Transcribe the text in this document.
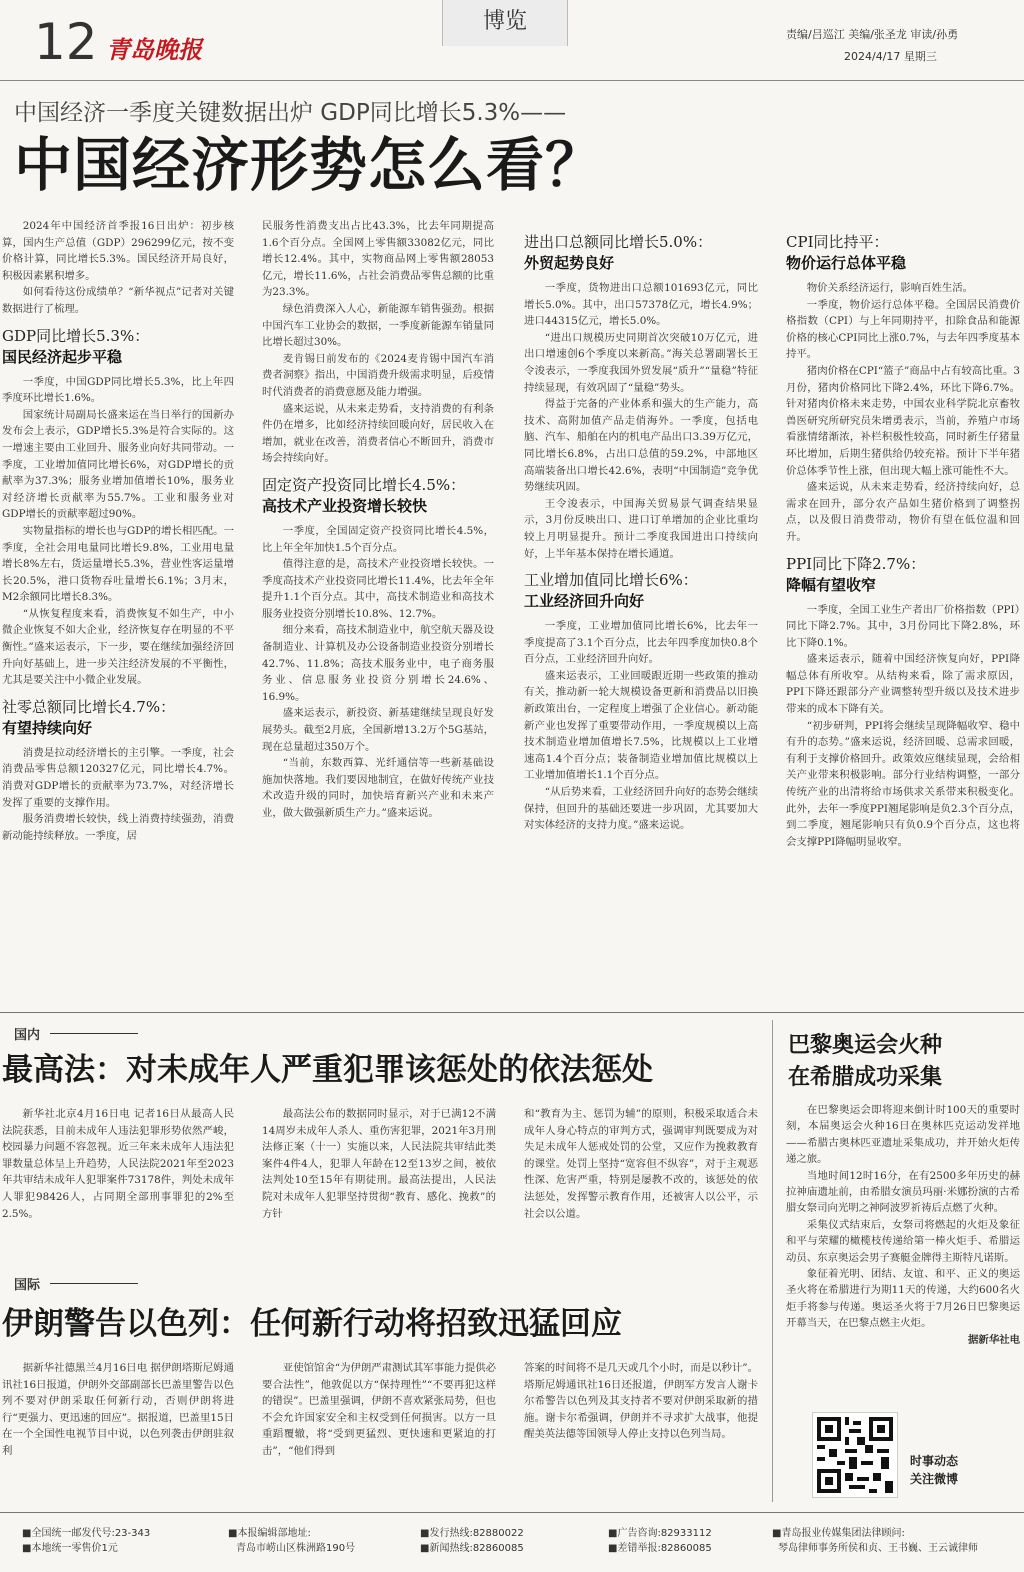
12 青岛晚报
博览
责编/吕巡江 美编/张圣龙 审读/孙勇
2024/4/17 星期三
中国经济一季度关键数据出炉 GDP同比增长5.3%——
中国经济形势怎么看？

2024年中国经济首季报16日出炉：初步核算，国内生产总值（GDP）296299亿元，按不变价格计算，同比增长5.3%。国民经济开局良好，积极因素累积增多。

如何看待这份成绩单？“新华视点”记者对关键数据进行了梳理。

GDP同比增长5.3%：
国民经济起步平稳

一季度，中国GDP同比增长5.3%，比上年四季度环比增长1.6%。

国家统计局副局长盛来运在当日举行的国新办发布会上表示，GDP增长5.3%是符合实际的。这一增速主要由工业回升、服务业向好共同带动。一季度，工业增加值同比增长6%，对GDP增长的贡献率为37.3%；服务业增加值增长10%，服务业对经济增长贡献率为55.7%。工业和服务业对GDP增长的贡献率超过90%。

实物量指标的增长也与GDP的增长相匹配。一季度，全社会用电量同比增长9.8%，工业用电量增长8%左右，货运量增长5.3%，营业性客运量增长20.5%，港口货物吞吐量增长6.1%；3月末，M2余额同比增长8.3%。

“从恢复程度来看，消费恢复不如生产，中小微企业恢复不如大企业，经济恢复存在明显的不平衡性。”盛来运表示，下一步，要在继续加强经济回升向好基础上，进一步关注经济发展的不平衡性，尤其是要关注中小微企业发展。

社零总额同比增长4.7%：
有望持续向好

消费是拉动经济增长的主引擎。一季度，社会消费品零售总额120327亿元，同比增长4.7%。消费对GDP增长的贡献率为73.7%，对经济增长发挥了重要的支撑作用。

服务消费增长较快，线上消费持续强劲，消费新动能持续释放。一季度，居

民服务性消费支出占比43.3%，比去年同期提高1.6个百分点。全国网上零售额33082亿元，同比增长12.4%。其中，实物商品网上零售额28053亿元，增长11.6%，占社会消费品零售总额的比重为23.3%。

绿色消费深入人心，新能源车销售强劲。根据中国汽车工业协会的数据，一季度新能源车销量同比增长超过30%。

麦肯锡日前发布的《2024麦肯锡中国汽车消费者洞察》指出，中国消费升级需求明显，后疫情时代消费者的消费意愿及能力增强。

盛来运说，从未来走势看，支持消费的有利条件仍在增多，比如经济持续回暖向好，居民收入在增加，就业在改善，消费者信心不断回升，消费市场会持续向好。

固定资产投资同比增长4.5%：
高技术产业投资增长较快

一季度，全国固定资产投资同比增长4.5%，比上年全年加快1.5个百分点。

值得注意的是，高技术产业投资增长较快。一季度高技术产业投资同比增长11.4%，比去年全年提升1.1个百分点。其中，高技术制造业和高技术服务业投资分别增长10.8%、12.7%。

细分来看，高技术制造业中，航空航天器及设备制造业、计算机及办公设备制造业投资分别增长42.7%、11.8%；高技术服务业中，电子商务服务业、信息服务业投资分别增长24.6%、16.9%。

盛来运表示，新投资、新基建继续呈现良好发展势头。截至2月底，全国新增13.2万个5G基站，现在总量超过350万个。

“当前，东数西算、光纤通信等一些新基础设施加快落地。我们要因地制宜，在做好传统产业技术改造升级的同时，加快培育新兴产业和未来产业，做大做强新质生产力。”盛来运说。

进出口总额同比增长5.0%：
外贸起势良好

一季度，货物进出口总额101693亿元，同比增长5.0%。其中，出口57378亿元，增长4.9%；进口44315亿元，增长5.0%。

“进出口规模历史同期首次突破10万亿元，进出口增速创6个季度以来新高。”海关总署副署长王令浚表示，一季度我国外贸发展“质升”“量稳”特征持续显现，有效巩固了“量稳”势头。

得益于完备的产业体系和强大的生产能力，高技术、高附加值产品走俏海外。一季度，包括电脑、汽车、船舶在内的机电产品出口3.39万亿元，同比增长6.8%，占出口总值的59.2%，中部地区高端装备出口增长42.6%，表明“中国制造”竞争优势继续巩固。

王令浚表示，中国海关贸易景气调查结果显示，3月份反映出口、进口订单增加的企业比重均较上月明显提升。预计二季度我国进出口持续向好，上半年基本保持在增长通道。

工业增加值同比增长6%：
工业经济回升向好

一季度，工业增加值同比增长6%，比去年一季度提高了3.1个百分点，比去年四季度加快0.8个百分点，工业经济回升向好。

盛来运表示，工业回暖跟近期一些政策的推动有关，推动新一轮大规模设备更新和消费品以旧换新政策出台，一定程度上增强了企业信心。新动能新产业也发挥了重要带动作用，一季度规模以上高技术制造业增加值增长7.5%，比规模以上工业增速高1.4个百分点；装备制造业增加值比规模以上工业增加值增长1.1个百分点。

“从后势来看，工业经济回升向好的态势会继续保持，但回升的基础还要进一步巩固，尤其要加大对实体经济的支持力度。”盛来运说。

CPI同比持平：
物价运行总体平稳

物价关系经济运行，影响百姓生活。

一季度，物价运行总体平稳。全国居民消费价格指数（CPI）与上年同期持平，扣除食品和能源价格的核心CPI同比上涨0.7%，与去年四季度基本持平。

猪肉价格在CPI“篮子”商品中占有较高比重。3月份，猪肉价格同比下降2.4%，环比下降6.7%。针对猪肉价格未来走势，中国农业科学院北京畜牧兽医研究所研究员朱增勇表示，当前，养殖户市场看涨情绪渐浓，补栏积极性较高，同时新生仔猪量环比增加，后期生猪供给仍较充裕。预计下半年猪价总体季节性上涨，但出现大幅上涨可能性不大。

盛来运说，从未来走势看，经济持续向好，总需求在回升，部分农产品如生猪价格到了调整拐点，以及假日消费带动，物价有望在低位温和回升。

PPI同比下降2.7%：
降幅有望收窄

一季度，全国工业生产者出厂价格指数（PPI）同比下降2.7%。其中，3月份同比下降2.8%，环比下降0.1%。

盛来运表示，随着中国经济恢复向好，PPI降幅总体有所收窄。从结构来看，除了需求原因，PPI下降还跟部分产业调整转型升级以及技术进步带来的成本下降有关。

“初步研判，PPI将会继续呈现降幅收窄、稳中有升的态势。”盛来运说，经济回暖、总需求回暖，有利于支撑价格回升。政策效应继续显现，会给相关产业带来积极影响。部分行业结构调整，一部分传统产业的出清将给市场供求关系带来积极变化。此外，去年一季度PPI翘尾影响是负2.3个百分点，到二季度，翘尾影响只有负0.9个百分点，这也将会支撑PPI降幅明显收窄。

国内
最高法：对未成年人严重犯罪该惩处的依法惩处

新华社北京4月16日电 记者16日从最高人民法院获悉，目前未成年人违法犯罪形势依然严峻，校园暴力问题不容忽视。近三年来未成年人违法犯罪数量总体呈上升趋势，人民法院2021年至2023年共审结未成年人犯罪案件73178件，判处未成年人罪犯98426人，占同期全部刑事罪犯的2%至2.5%。

最高法公布的数据同时显示，对于已满12不满14周岁未成年人杀人、重伤害犯罪，2021年3月刑法修正案（十一）实施以来，人民法院共审结此类案件4件4人，犯罪人年龄在12至13岁之间，被依法判处10至15年有期徒刑。最高法提出，人民法院对未成年人犯罪坚持贯彻“教育、感化、挽救”的方针

和“教育为主、惩罚为辅”的原则，积极采取适合未成年人身心特点的审判方式，强调审判既要成为对失足未成年人惩戒处罚的公堂，又应作为挽救教育的课堂。处罚上坚持“宽容但不纵容”，对于主观恶性深、危害严重，特别是屡教不改的，该惩处的依法惩处，发挥警示教育作用，还被害人以公平，示社会以公道。

国际
伊朗警告以色列：任何新行动将招致迅猛回应

据新华社德黑兰4月16日电 据伊朗塔斯尼姆通讯社16日报道，伊朗外交部副部长巴盖里警告以色列不要对伊朗采取任何新行动，否则伊朗将进行“更强力、更迅速的回应”。据报道，巴盖里15日在一个全国性电视节目中说，以色列袭击伊朗驻叙利

亚使馆馆舍“为伊朗严肃测试其军事能力提供必要合法性”，他敦促以方“保持理性”“不要再犯这样的错误”。巴盖里强调，伊朗不喜欢紧张局势，但也不会允许国家安全和主权受到任何损害。以方一旦重蹈覆辙，将“受到更猛烈、更快速和更紧迫的打击”，“他们得到

答案的时间将不是几天或几个小时，而是以秒计”。塔斯尼姆通讯社16日还报道，伊朗军方发言人谢卡尔希警告以色列及其支持者不要对伊朗采取新的措施。谢卡尔希强调，伊朗并不寻求扩大战事，他提醒美英法德等国领导人停止支持以色列当局。

巴黎奥运会火种
在希腊成功采集

在巴黎奥运会即将迎来倒计时100天的重要时刻，本届奥运会火种16日在奥林匹克运动发祥地——希腊古奥林匹亚遗址采集成功，并开始火炬传递之旅。

当地时间12时16分，在有2500多年历史的赫拉神庙遗址前，由希腊女演员玛丽·米娜扮演的古希腊女祭司向光明之神阿波罗祈祷后点燃了火种。

采集仪式结束后，女祭司将燃起的火炬及象征和平与荣耀的橄榄枝传递给第一棒火炬手、希腊运动员、东京奥运会男子赛艇金牌得主斯特凡诺斯。

象征着光明、团结、友谊、和平、正义的奥运圣火将在希腊进行为期11天的传递，大约600名火炬手将参与传递。奥运圣火将于7月26日巴黎奥运开幕当天，在巴黎点燃主火炬。

据新华社电
时事动态
关注微博
■全国统一邮发代号:23-343
■本地统一零售价1元
■本报编辑部地址:
青岛市崂山区株洲路190号
■发行热线:82880022
■新闻热线:82860085
■广告咨询:82933112
■差错举报:82860085
■青岛报业传媒集团法律顾问:
琴岛律师事务所侯和贞、王书巍、王云诚律师
